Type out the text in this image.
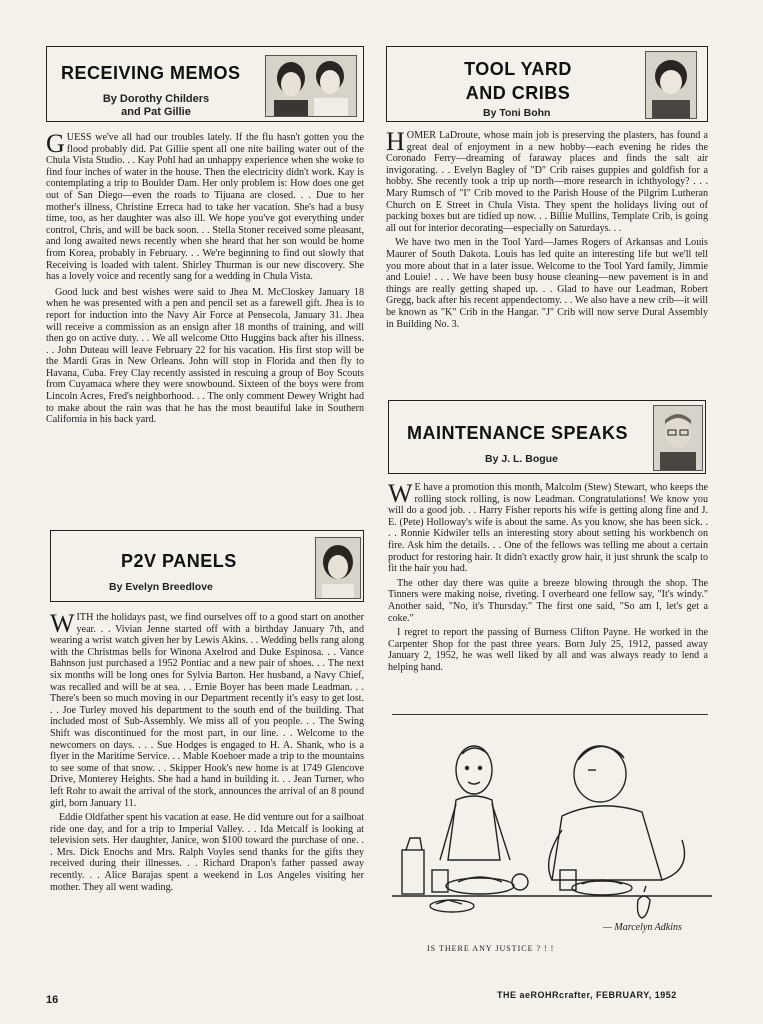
RECEIVING MEMOS
By Dorothy Childers
and Pat Gillie

GUESS we've all had our troubles lately. If the flu hasn't gotten you the flood probably did. Pat Gillie spent all one nite bailing water out of the Chula Vista Studio. . . Kay Pohl had an unhappy experience when she woke to find four inches of water in the house. Then the electricity didn't work. Kay is contemplating a trip to Boulder Dam. Her only problem is: How does one get out of San Diego—even the roads to Tijuana are closed. . . Due to her mother's illness, Christine Erreca had to take her vacation. She's had a busy time, too, as her daughter was also ill. We hope you've got everything under control, Chris, and will be back soon. . . Stella Stoner received some pleasant, and long awaited news recently when she heard that her son would be home from Korea, probably in February. . . We're beginning to find out slowly that Receiving is loaded with talent. Shirley Thurman is our new discovery. She has a lovely voice and recently sang for a wedding in Chula Vista.

Good luck and best wishes were said to Jhea M. McCloskey January 18 when he was presented with a pen and pencil set as a farewell gift. Jhea is to report for induction into the Navy Air Force at Pensecola, January 31. Jhea will receive a commission as an ensign after 18 months of training, and will then go on active duty. . . We all welcome Otto Huggins back after his illness. . . John Duteau will leave February 22 for his vacation. His first stop will be the Mardi Gras in New Orleans. John will stop in Florida and then fly to Havana, Cuba. Frey Clay recently assisted in rescuing a group of Boy Scouts from Cuyamaca where they were snowbound. Sixteen of the boys were from Lincoln Acres, Fred's neighborhood. . . The only comment Dewey Wright had to make about the rain was that he has the most beautiful lake in Southern California in his back yard.

P2V PANELS
By Evelyn Breedlove

WITH the holidays past, we find ourselves off to a good start on another year. . . Vivian Jenne started off with a birthday January 7th, and wearing a wrist watch given her by Lewis Akins. . . Wedding bells rang along with the Christmas bells for Winona Axelrod and Duke Espinosa. . . Vance Bahnson just purchased a 1952 Pontiac and a new pair of shoes. . . The next six months will be long ones for Sylvia Barton. Her husband, a Navy Chief, was recalled and will be at sea. . . Ernie Boyer has been made Leadman. . . There's been so much moving in our Department recently it's easy to get lost. . . Joe Turley moved his department to the south end of the building. That included most of Sub-Assembly. We miss all of you people. . . The Swing Shift was discontinued for the most part, in our line. . . Welcome to the newcomers on days. . . . Sue Hodges is engaged to H. A. Shank, who is a flyer in the Maritime Service. . . Mable Koehoer made a trip to the mountains to see some of that snow. . . Skipper Hook's new home is at 1749 Glencove Drive, Monterey Heights. She had a hand in building it. . . Jean Turner, who left Rohr to await the arrival of the stork, announces the arrival of an 8 pound girl, born January 11.

Eddie Oldfather spent his vacation at ease. He did venture out for a sailboat ride one day, and for a trip to Imperial Valley. . . Ida Metcalf is looking at television sets. Her daughter, Janice, won $100 toward the purchase of one. . . Mrs. Dick Enochs and Mrs. Ralph Voyles send thanks for the gifts they received during their illnesses. . . Richard Drapon's father passed away recently. . . Alice Barajas spent a weekend in Los Angeles visiting her mother. They all went wading.

TOOL YARD
AND CRIBS
By Toni Bohn

HOMER LaDroute, whose main job is preserving the plasters, has found a great deal of enjoyment in a new hobby—each evening he rides the Coronado Ferry—dreaming of faraway places and finds the salt air invigorating. . . Evelyn Bagley of "D" Crib raises guppies and goldfish for a hobby. She recently took a trip up north—more research in ichthyology? . . . Mary Rumsch of "I" Crib moved to the Parish House of the Pilgrim Lutheran Church on E Street in Chula Vista. They spent the holidays living out of packing boxes but are tidied up now. . . Billie Mullins, Template Crib, is going all out for interior decorating—especially on Saturdays. . .

We have two men in the Tool Yard—James Rogers of Arkansas and Louis Maurer of South Dakota. Louis has led quite an interesting life but we'll tell you more about that in a later issue. Welcome to the Tool Yard family, Jimmie and Louie! . . . We have been busy house cleaning—new pavement is in and things are really getting shaped up. . . Glad to have our Leadman, Robert Gregg, back after his recent appendectomy. . . We also have a new crib—it will be known as "K" Crib in the Hangar. "J" Crib will now serve Dural Assembly in Building No. 3.

MAINTENANCE SPEAKS
By J. L. Bogue

W E have a promotion this month, Malcolm (Stew) Stewart, who keeps the rolling stock rolling, is now Leadman. Congratulations! We know you will do a good job. . . Harry Fisher reports his wife is getting along fine and J. E. (Pete) Holloway's wife is about the same. As you know, she has been sick. . . . Ronnie Kidwiler tells an interesting story about setting his workbench on fire. Ask him the details. . . One of the fellows was telling me about a certain product for restoring hair. It didn't exactly grow hair, it just shrunk the scalp to fit the hair you had.

The other day there was quite a breeze blowing through the shop. The Tinners were making noise, riveting. I overheard one fellow say, "It's windy." Another said, "No, it's Thursday." The first one said, "So am I, let's get a coke."

I regret to report the passing of Burness Clifton Payne. He worked in the Carpenter Shop for the past three years. Born July 25, 1912, passed away January 2, 1952, he was well liked by all and was always ready to lend a helping hand.

— Marcelyn Adkins
IS THERE ANY JUSTICE ? ! !
16	THE aeROHRcrafter, FEBRUARY, 1952
